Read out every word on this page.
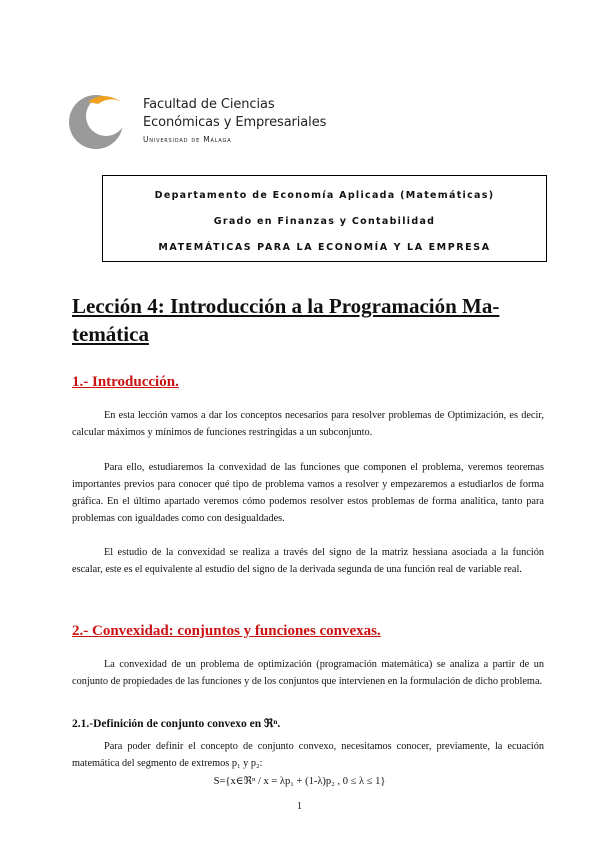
Facultad de Ciencias
Económicas y Empresariales
Universidad de Málaga
Departamento de Economía Aplicada (Matemáticas)
Grado en Finanzas y Contabilidad
MATEMÁTICAS PARA LA ECONOMÍA Y LA EMPRESA
Lección 4: Introducción a la Programación Ma-
temática
1.- Introducción.

En esta lección vamos a dar los conceptos necesarios para resolver problemas de Optimización, es decir, calcular máximos y mínimos de funciones restringidas a un subconjunto.

Para ello, estudiaremos la convexidad de las funciones que componen el problema, veremos teoremas importantes previos para conocer qué tipo de problema vamos a resolver y empezaremos a estudiarlos de forma gráfica. En el último apartado veremos cómo podemos resolver estos problemas de forma analítica, tanto para problemas con igualdades como con desigualdades.

El estudio de la convexidad se realiza a través del signo de la matriz hessiana asociada a la función escalar, este es el equivalente al estudio del signo de la derivada segunda de una función real de variable real.

2.- Convexidad: conjuntos y funciones convexas.

La convexidad de un problema de optimización (programación matemática) se analiza a partir de un conjunto de propiedades de las funciones y de los conjuntos que intervienen en la formulación de dicho problema.

2.1.-Definición de conjunto convexo en ℜⁿ.

Para poder definir el concepto de conjunto convexo, necesitamos conocer, previamente, la ecuación matemática del segmento de extremos p₁ y p₂:

S={x∈ℜⁿ / x = λp₁ + (1-λ)p₂ , 0 ≤ λ ≤ 1}
1
